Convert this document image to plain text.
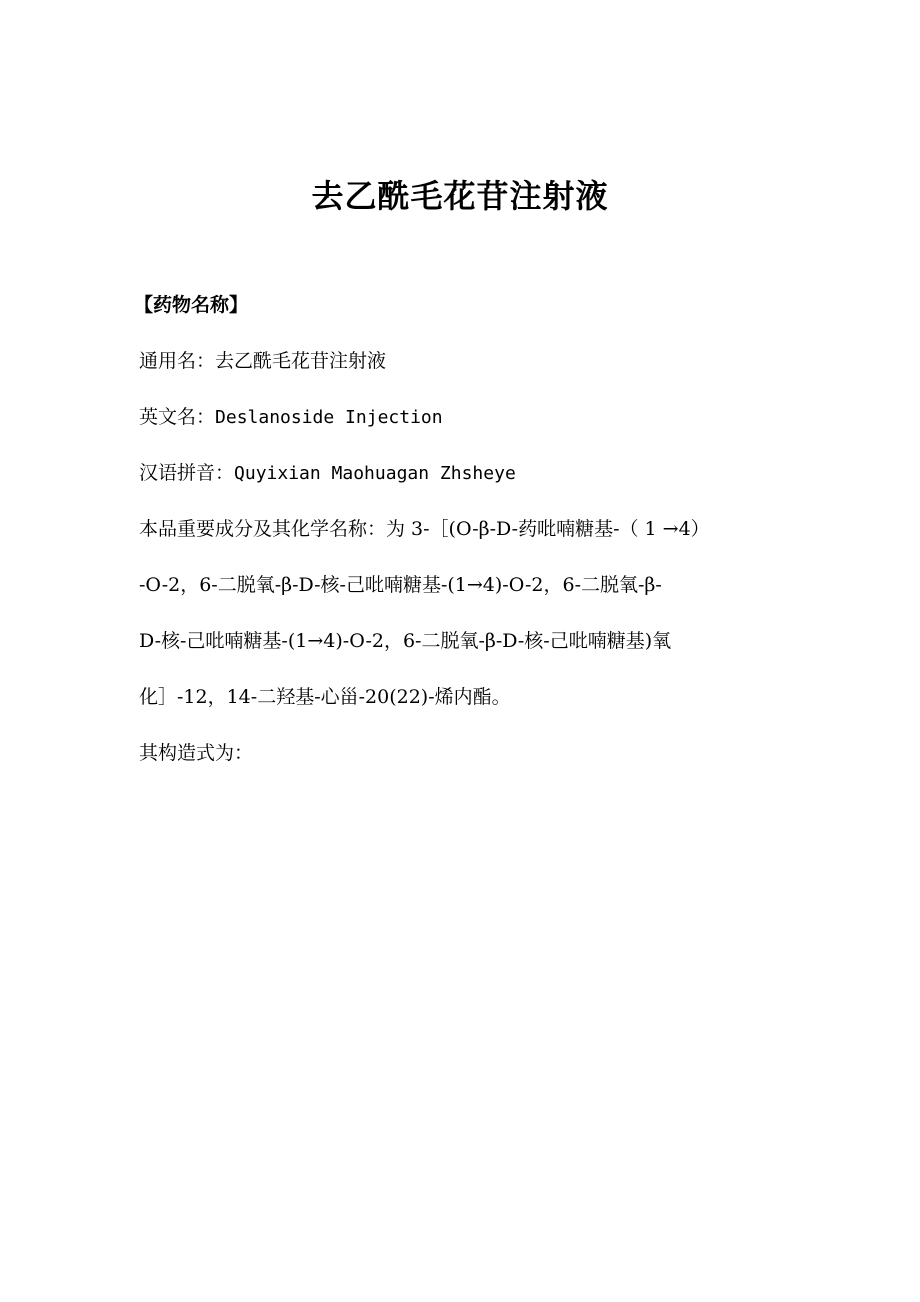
去乙酰毛花苷注射液
【药物名称】
通用名：去乙酰毛花苷注射液
英文名：Deslanoside Injection
汉语拼音：Quyixian Maohuagan Zhsheye
本品重要成分及其化学名称：为 3-［(O-β-D-药吡喃糖基-（ 1 →4）
-O-2，6-二脱氧-β-D-核-己吡喃糖基-(1→4)-O-2，6-二脱氧-β-
D-核-己吡喃糖基-(1→4)-O-2，6-二脱氧-β-D-核-己吡喃糖基)氧
化］-12，14-二羟基-心甾-20(22)-烯内酯。
其构造式为：
